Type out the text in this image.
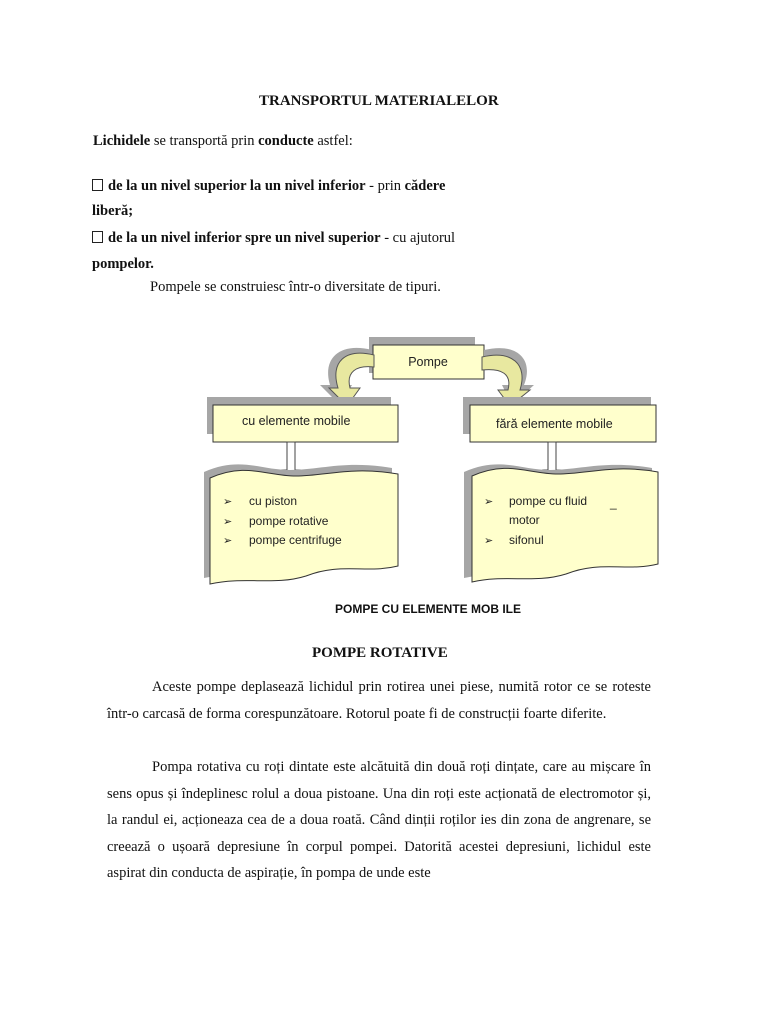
TRANSPORTUL MATERIALELOR
Lichidele se transportă prin conducte astfel:
de la un nivel superior la un nivel inferior - prin cădere
liberă;
de la un nivel inferior spre un nivel superior - cu ajutorul
pompelor.
Pompele se construiesc într-o diversitate de tipuri.
Pompe
cu elemente mobile	fără elemente mobile
➢ cu piston
➢ pompe rotative
➢ pompe centrifuge
➢ pompe cu fluid _
motor
➢ sifonul
POMPE CU ELEMENTE MOB ILE
POMPE ROTATIVE
Aceste pompe deplasează lichidul prin rotirea unei piese, numită rotor ce se roteste într-o carcasă de forma corespunzătoare. Rotorul poate fi de construcții foarte diferite.
Pompa rotativa cu roți dintate este alcătuită din două roți dințate, care au mișcare în sens opus și îndeplinesc rolul a doua pistoane. Una din roți este acționată de electromotor și, la randul ei, acționeaza cea de a doua roată. Când dinții roților ies din zona de angrenare, se creează o ușoară depresiune în corpul pompei. Datorită acestei depresiuni, lichidul este aspirat din conducta de aspirație, în pompa de unde este
